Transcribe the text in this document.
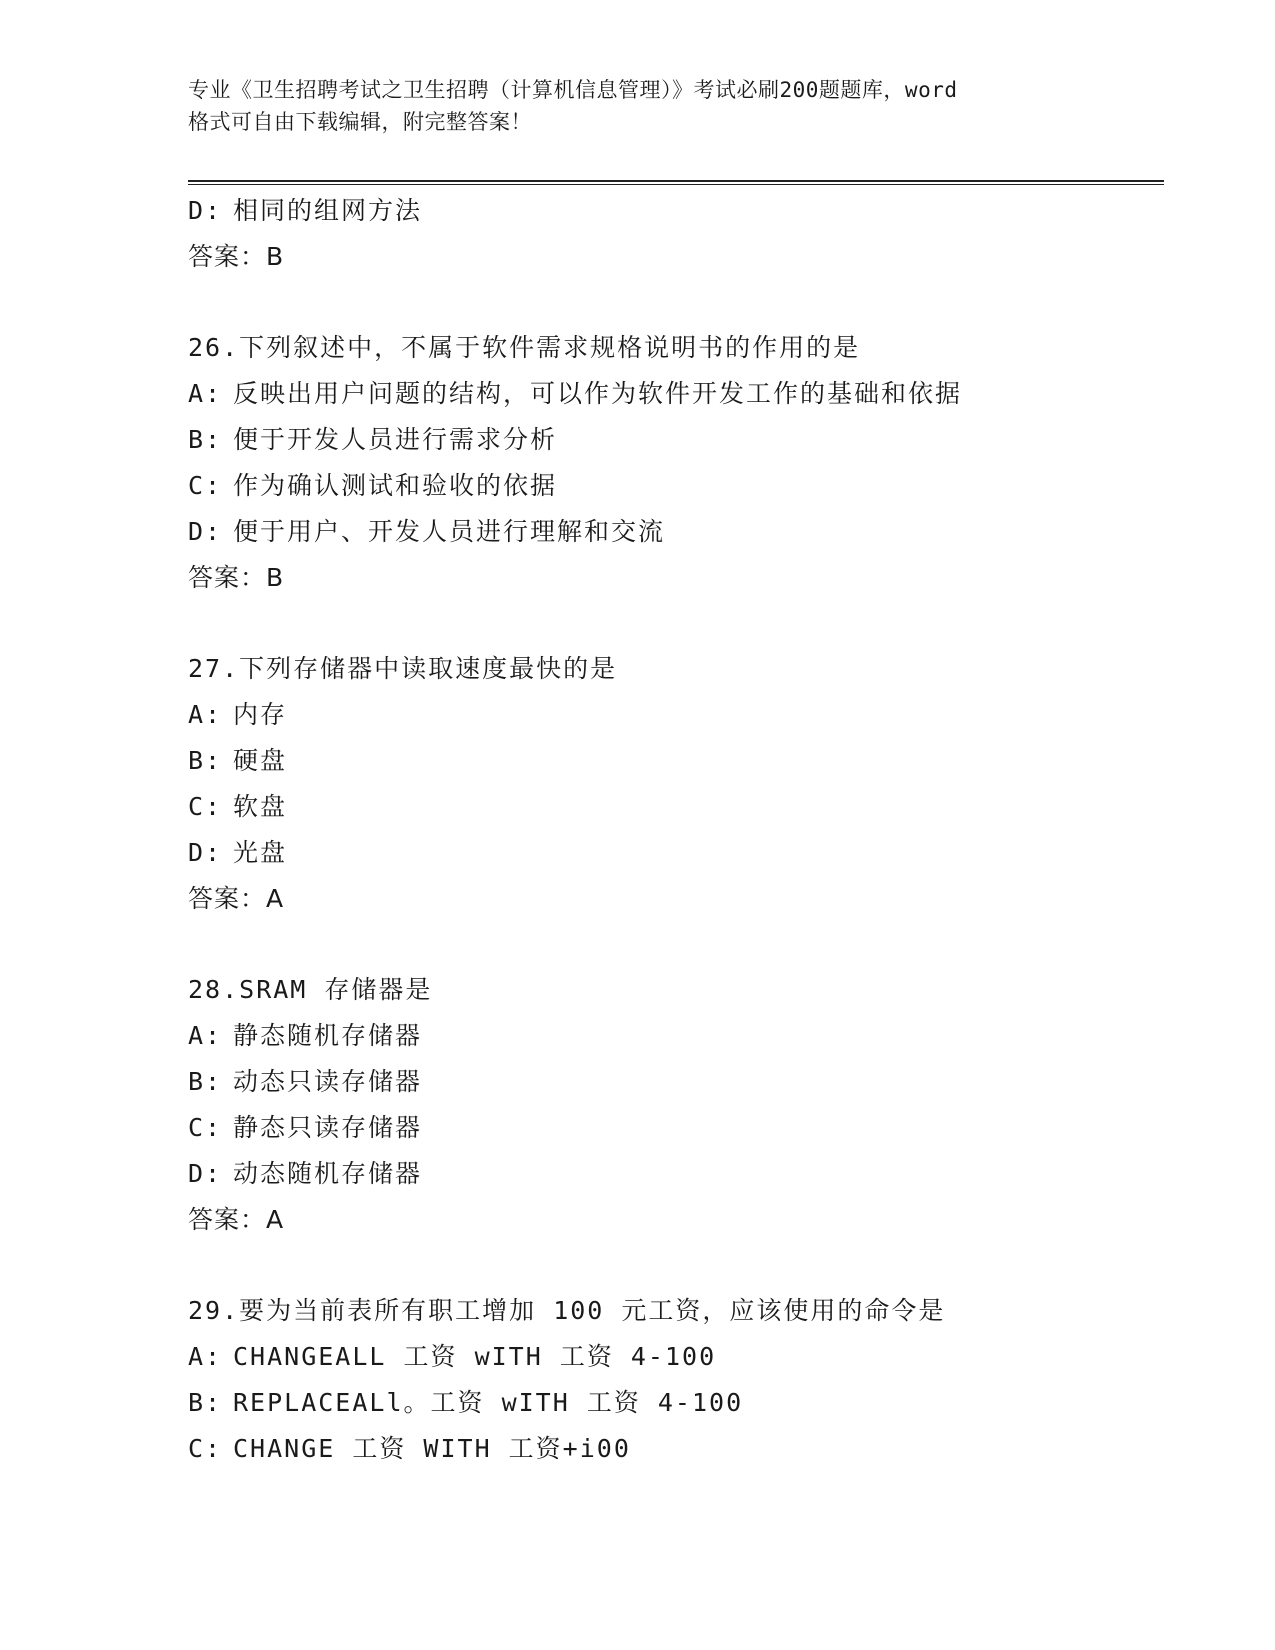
专业《卫生招聘考试之卫生招聘（计算机信息管理）》考试必刷200题题库，word
格式可自由下载编辑，附完整答案！
D: 相同的组网方法
答案：B
26.下列叙述中，不属于软件需求规格说明书的作用的是
A: 反映出用户问题的结构，可以作为软件开发工作的基础和依据
B: 便于开发人员进行需求分析
C: 作为确认测试和验收的依据
D: 便于用户、开发人员进行理解和交流
答案：B
27.下列存储器中读取速度最快的是
A: 内存
B: 硬盘
C: 软盘
D: 光盘
答案：A
28.SRAM 存储器是
A: 静态随机存储器
B: 动态只读存储器
C: 静态只读存储器
D: 动态随机存储器
答案：A
29.要为当前表所有职工增加 100 元工资，应该使用的命令是
A: CHANGEALL 工资 wITH 工资 4-100
B: REPLACEALl。工资 wITH 工资 4-100
C: CHANGE 工资 WITH 工资+i00
